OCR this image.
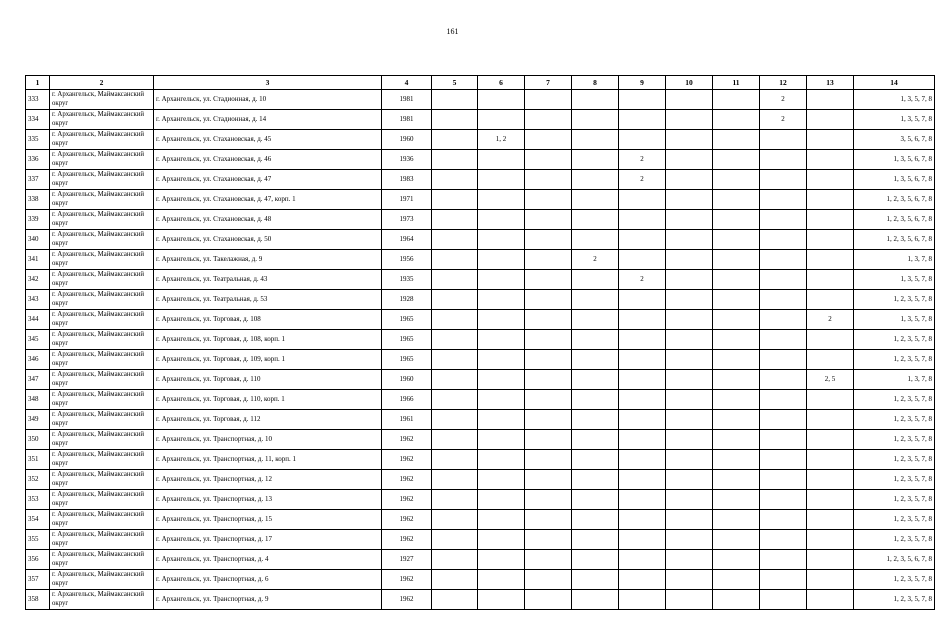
161
1	2	3	4	5	6	7	8	9	10	11	12	13	14
333	г. Архангельск, Маймаксанский округ	г. Архангельск, ул. Стадионная, д. 10	1981								2		1, 3, 5, 7, 8
334	г. Архангельск, Маймаксанский округ	г. Архангельск, ул. Стадионная, д. 14	1981								2		1, 3, 5, 7, 8
335	г. Архангельск, Маймаксанский округ	г. Архангельск, ул. Стахановская, д. 45	1960		1, 2								3, 5, 6, 7, 8
336	г. Архангельск, Маймаксанский округ	г. Архангельск, ул. Стахановская, д. 46	1936					2					1, 3, 5, 6, 7, 8
337	г. Архангельск, Маймаксанский округ	г. Архангельск, ул. Стахановская, д. 47	1983					2					1, 3, 5, 6, 7, 8
338	г. Архангельск, Маймаксанский округ	г. Архангельск, ул. Стахановская, д. 47, корп. 1	1971										1, 2, 3, 5, 6, 7, 8
339	г. Архангельск, Маймаксанский округ	г. Архангельск, ул. Стахановская, д. 48	1973										1, 2, 3, 5, 6, 7, 8
340	г. Архангельск, Маймаксанский округ	г. Архангельск, ул. Стахановская, д. 50	1964										1, 2, 3, 5, 6, 7, 8
341	г. Архангельск, Маймаксанский округ	г. Архангельск, ул. Такелажная, д. 9	1956				2						1, 3, 7, 8
342	г. Архангельск, Маймаксанский округ	г. Архангельск, ул. Театральная, д. 43	1935					2					1, 3, 5, 7, 8
343	г. Архангельск, Маймаксанский округ	г. Архангельск, ул. Театральная, д. 53	1928										1, 2, 3, 5, 7, 8
344	г. Архангельск, Маймаксанский округ	г. Архангельск, ул. Торговая, д. 108	1965									2	1, 3, 5, 7, 8
345	г. Архангельск, Маймаксанский округ	г. Архангельск, ул. Торговая, д. 108, корп. 1	1965										1, 2, 3, 5, 7, 8
346	г. Архангельск, Маймаксанский округ	г. Архангельск, ул. Торговая, д. 109, корп. 1	1965										1, 2, 3, 5, 7, 8
347	г. Архангельск, Маймаксанский округ	г. Архангельск, ул. Торговая, д. 110	1960									2, 5	1, 3, 7, 8
348	г. Архангельск, Маймаксанский округ	г. Архангельск, ул. Торговая, д. 110, корп. 1	1966										1, 2, 3, 5, 7, 8
349	г. Архангельск, Маймаксанский округ	г. Архангельск, ул. Торговая, д. 112	1961										1, 2, 3, 5, 7, 8
350	г. Архангельск, Маймаксанский округ	г. Архангельск, ул. Транспортная, д. 10	1962										1, 2, 3, 5, 7, 8
351	г. Архангельск, Маймаксанский округ	г. Архангельск, ул. Транспортная, д. 11, корп. 1	1962										1, 2, 3, 5, 7, 8
352	г. Архангельск, Маймаксанский округ	г. Архангельск, ул. Транспортная, д. 12	1962										1, 2, 3, 5, 7, 8
353	г. Архангельск, Маймаксанский округ	г. Архангельск, ул. Транспортная, д. 13	1962										1, 2, 3, 5, 7, 8
354	г. Архангельск, Маймаксанский округ	г. Архангельск, ул. Транспортная, д. 15	1962										1, 2, 3, 5, 7, 8
355	г. Архангельск, Маймаксанский округ	г. Архангельск, ул. Транспортная, д. 17	1962										1, 2, 3, 5, 7, 8
356	г. Архангельск, Маймаксанский округ	г. Архангельск, ул. Транспортная, д. 4	1927										1, 2, 3, 5, 6, 7, 8
357	г. Архангельск, Маймаксанский округ	г. Архангельск, ул. Транспортная, д. 6	1962										1, 2, 3, 5, 7, 8
358	г. Архангельск, Маймаксанский округ	г. Архангельск, ул. Транспортная, д. 9	1962										1, 2, 3, 5, 7, 8
